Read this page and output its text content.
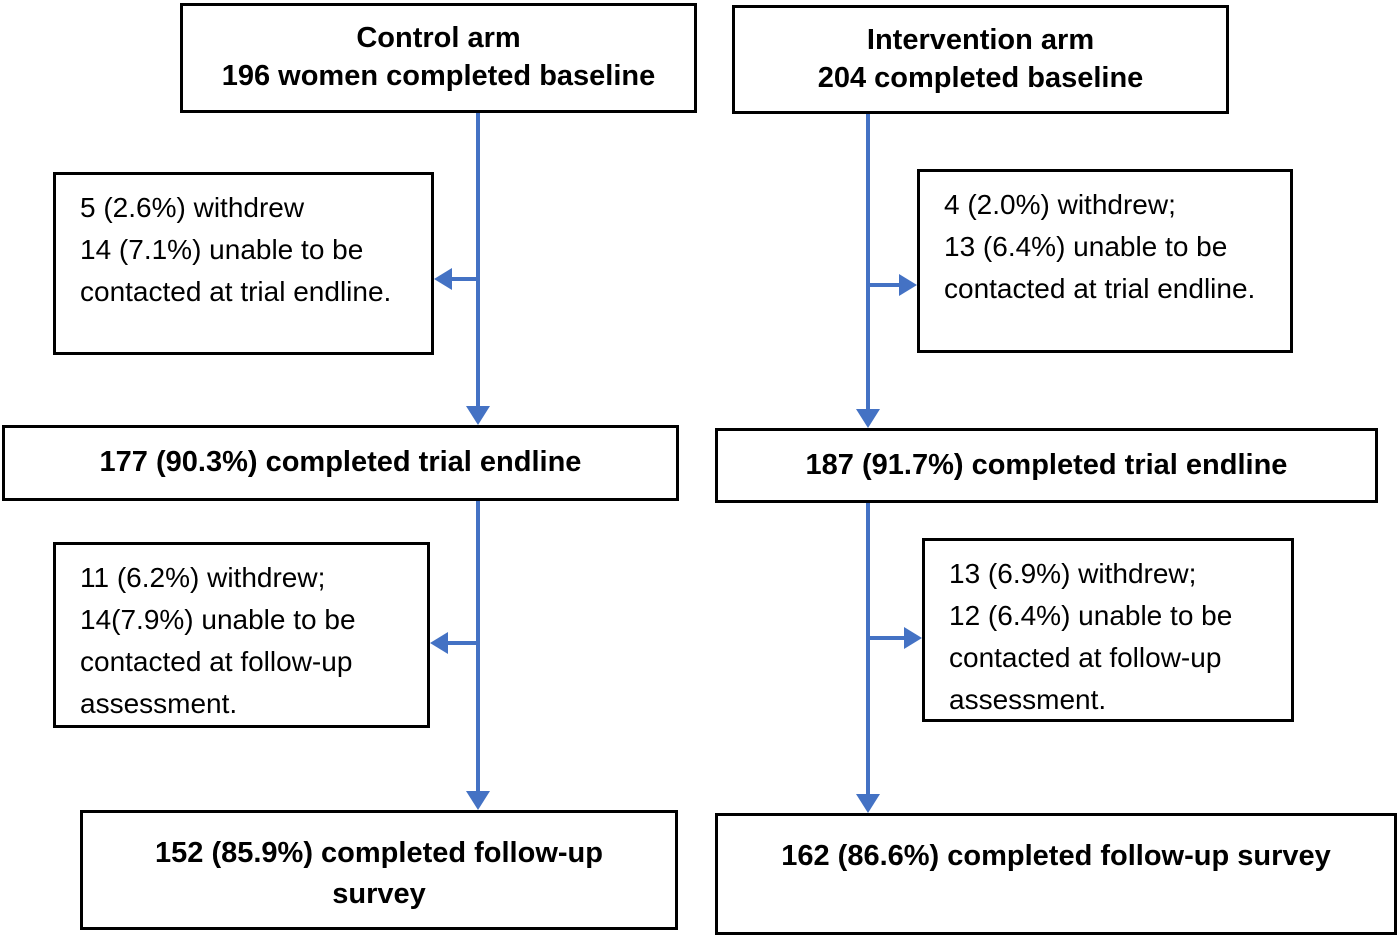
Control arm
196 women completed baseline
5 (2.6%) withdrew
14 (7.1%) unable to be contacted at trial endline.
177 (90.3%) completed trial endline
11 (6.2%) withdrew;
14(7.9%) unable to be contacted at follow-up assessment.
152 (85.9%) completed follow-up
survey
Intervention arm
204 completed baseline
4 (2.0%) withdrew;
13 (6.4%) unable to be contacted at trial endline.
187 (91.7%) completed trial endline
13 (6.9%) withdrew;
12 (6.4%) unable to be contacted at follow-up assessment.
162 (86.6%) completed follow-up survey
